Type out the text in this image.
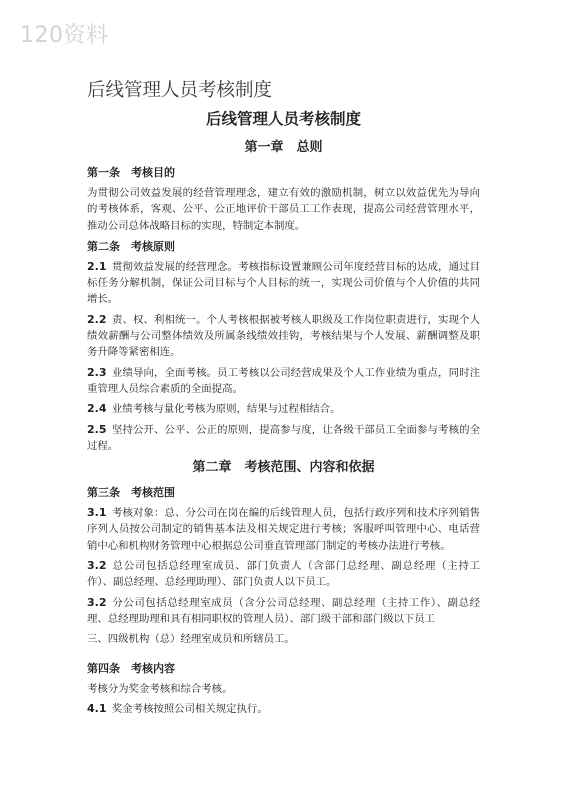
120资料
后线管理人员考核制度
后线管理人员考核制度
第一章　总则
第一条　考核目的
为贯彻公司效益发展的经营管理理念，建立有效的激励机制，树立以效益优先为导向的考核体系，客观、公平、公正地评价干部员工工作表现，提高公司经营管理水平，推动公司总体战略目标的实现，特制定本制度。
第二条　考核原则
2.1 贯彻效益发展的经营理念。考核指标设置兼顾公司年度经营目标的达成，通过目标任务分解机制，保证公司目标与个人目标的统一，实现公司价值与个人价值的共同增长。
2.2 责、权、利相统一。个人考核根据被考核人职级及工作岗位职责进行，实现个人绩效薪酬与公司整体绩效及所属条线绩效挂钩，考核结果与个人发展、薪酬调整及职务升降等紧密相连。
2.3 业绩导向，全面考核。员工考核以公司经营成果及个人工作业绩为重点，同时注重管理人员综合素质的全面提高。
2.4 业绩考核与量化考核为原则，结果与过程相结合。
2.5 坚持公开、公平、公正的原则，提高参与度，让各级干部员工全面参与考核的全过程。
第二章　考核范围、内容和依据
第三条　考核范围
3.1 考核对象：总、分公司在岗在编的后线管理人员，包括行政序列和技术序列销售序列人员按公司制定的销售基本法及相关规定进行考核；客服呼叫管理中心、电话营销中心和机构财务管理中心根据总公司垂直管理部门制定的考核办法进行考核。
3.2 总公司包括总经理室成员、部门负责人（含部门总经理、副总经理（主持工作）、副总经理、总经理助理）、部门负责人以下员工。
3.2 分公司包括总经理室成员（含分公司总经理、副总经理（主持工作）、副总经理、总经理助理和具有相同职权的管理人员）、部门级干部和部门级以下员工
三、四级机构（总）经理室成员和所辖员工。
第四条　考核内容
考核分为奖金考核和综合考核。
4.1 奖金考核按照公司相关规定执行。
